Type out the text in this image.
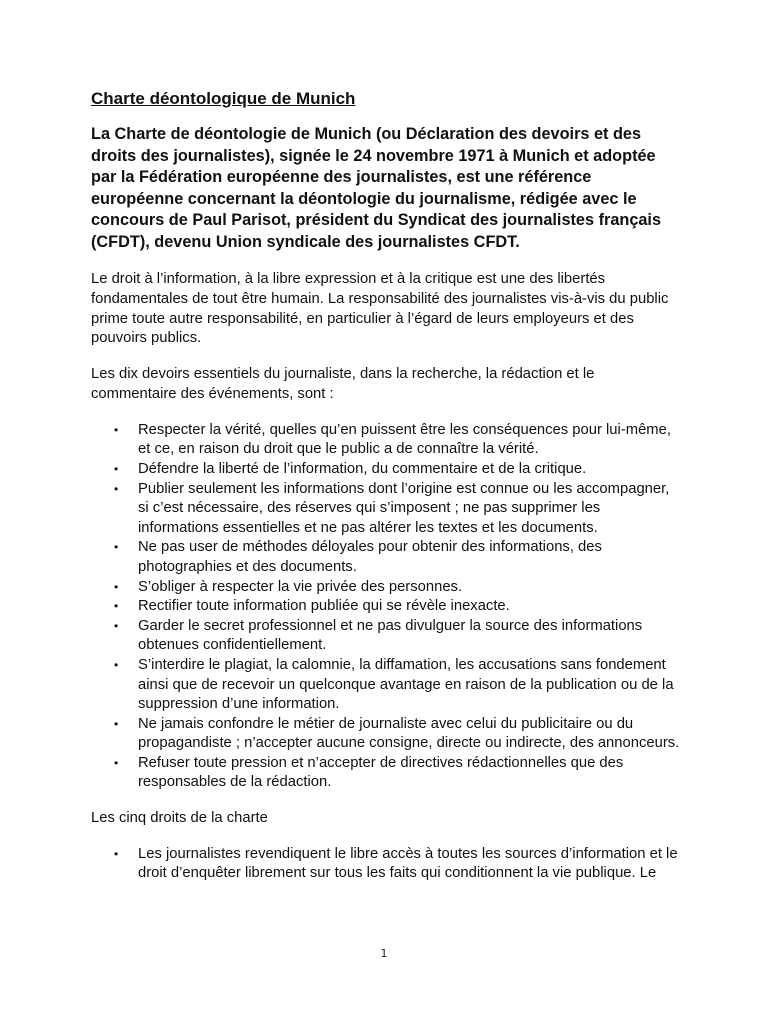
Charte déontologique de Munich
La Charte de déontologie de Munich (ou Déclaration des devoirs et des droits des journalistes), signée le 24 novembre 1971 à Munich et adoptée par la Fédération européenne des journalistes, est une référence européenne concernant la déontologie du journalisme, rédigée avec le concours de Paul Parisot, président du Syndicat des journalistes français (CFDT), devenu Union syndicale des journalistes CFDT.
Le droit à l’information, à la libre expression et à la critique est une des libertés fondamentales de tout être humain. La responsabilité des journalistes vis-à-vis du public prime toute autre responsabilité, en particulier à l’égard de leurs employeurs et des pouvoirs publics.
Les dix devoirs essentiels du journaliste, dans la recherche, la rédaction et le commentaire des événements, sont :
• Respecter la vérité, quelles qu’en puissent être les conséquences pour lui-même, et ce, en raison du droit que le public a de connaître la vérité.
• Défendre la liberté de l’information, du commentaire et de la critique.
• Publier seulement les informations dont l’origine est connue ou les accompagner, si c’est nécessaire, des réserves qui s’imposent ; ne pas supprimer les informations essentielles et ne pas altérer les textes et les documents.
• Ne pas user de méthodes déloyales pour obtenir des informations, des photographies et des documents.
• S’obliger à respecter la vie privée des personnes.
• Rectifier toute information publiée qui se révèle inexacte.
• Garder le secret professionnel et ne pas divulguer la source des informations obtenues confidentiellement.
• S’interdire le plagiat, la calomnie, la diffamation, les accusations sans fondement ainsi que de recevoir un quelconque avantage en raison de la publication ou de la suppression d’une information.
• Ne jamais confondre le métier de journaliste avec celui du publicitaire ou du propagandiste ; n’accepter aucune consigne, directe ou indirecte, des annonceurs.
• Refuser toute pression et n’accepter de directives rédactionnelles que des responsables de la rédaction.
Les cinq droits de la charte
• Les journalistes revendiquent le libre accès à toutes les sources d’information et le droit d’enquêter librement sur tous les faits qui conditionnent la vie publique. Le
1
